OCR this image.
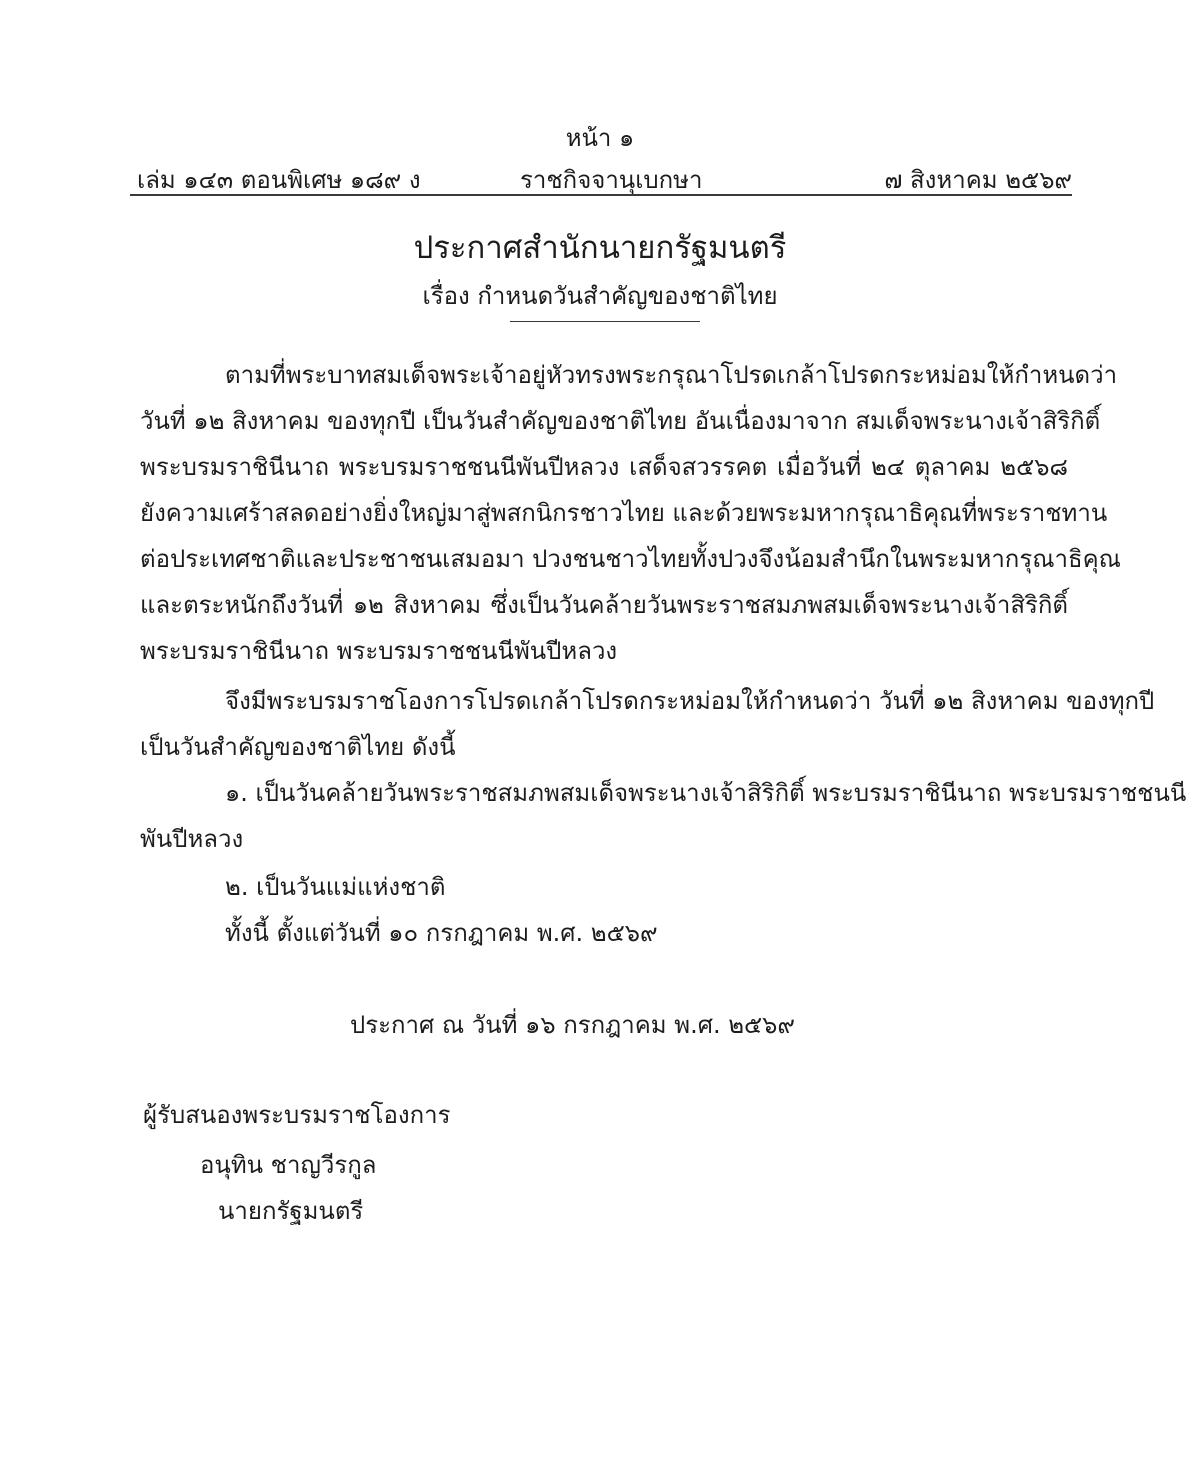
หน้า ๑
เล่ม ๑๔๓ ตอนพิเศษ ๑๘๙ ง	ราชกิจจานุเบกษา	๗ สิงหาคม ๒๕๖๙
ประกาศสำนักนายกรัฐมนตรี
เรื่อง กำหนดวันสำคัญของชาติไทย
ตามที่พระบาทสมเด็จพระเจ้าอยู่หัวทรงพระกรุณาโปรดเกล้าโปรดกระหม่อมให้กำหนดว่า
วันที่ ๑๒ สิงหาคม ของทุกปี เป็นวันสำคัญของชาติไทย อันเนื่องมาจาก สมเด็จพระนางเจ้าสิริกิติ์
พระบรมราชินีนาถ พระบรมราชชนนีพันปีหลวง เสด็จสวรรคต เมื่อวันที่ ๒๔ ตุลาคม ๒๕๖๘
ยังความเศร้าสลดอย่างยิ่งใหญ่มาสู่พสกนิกรชาวไทย และด้วยพระมหากรุณาธิคุณที่พระราชทาน
ต่อประเทศชาติและประชาชนเสมอมา ปวงชนชาวไทยทั้งปวงจึงน้อมสำนึกในพระมหากรุณาธิคุณ
และตระหนักถึงวันที่ ๑๒ สิงหาคม ซึ่งเป็นวันคล้ายวันพระราชสมภพสมเด็จพระนางเจ้าสิริกิติ์
พระบรมราชินีนาถ พระบรมราชชนนีพันปีหลวง
จึงมีพระบรมราชโองการโปรดเกล้าโปรดกระหม่อมให้กำหนดว่า วันที่ ๑๒ สิงหาคม ของทุกปี
เป็นวันสำคัญของชาติไทย ดังนี้
๑. เป็นวันคล้ายวันพระราชสมภพสมเด็จพระนางเจ้าสิริกิติ์ พระบรมราชินีนาถ พระบรมราชชนนี
พันปีหลวง
๒. เป็นวันแม่แห่งชาติ
ทั้งนี้ ตั้งแต่วันที่ ๑๐ กรกฎาคม พ.ศ. ๒๕๖๙
ประกาศ ณ วันที่ ๑๖ กรกฎาคม พ.ศ. ๒๕๖๙
ผู้รับสนองพระบรมราชโองการ
อนุทิน ชาญวีรกูล
นายกรัฐมนตรี
